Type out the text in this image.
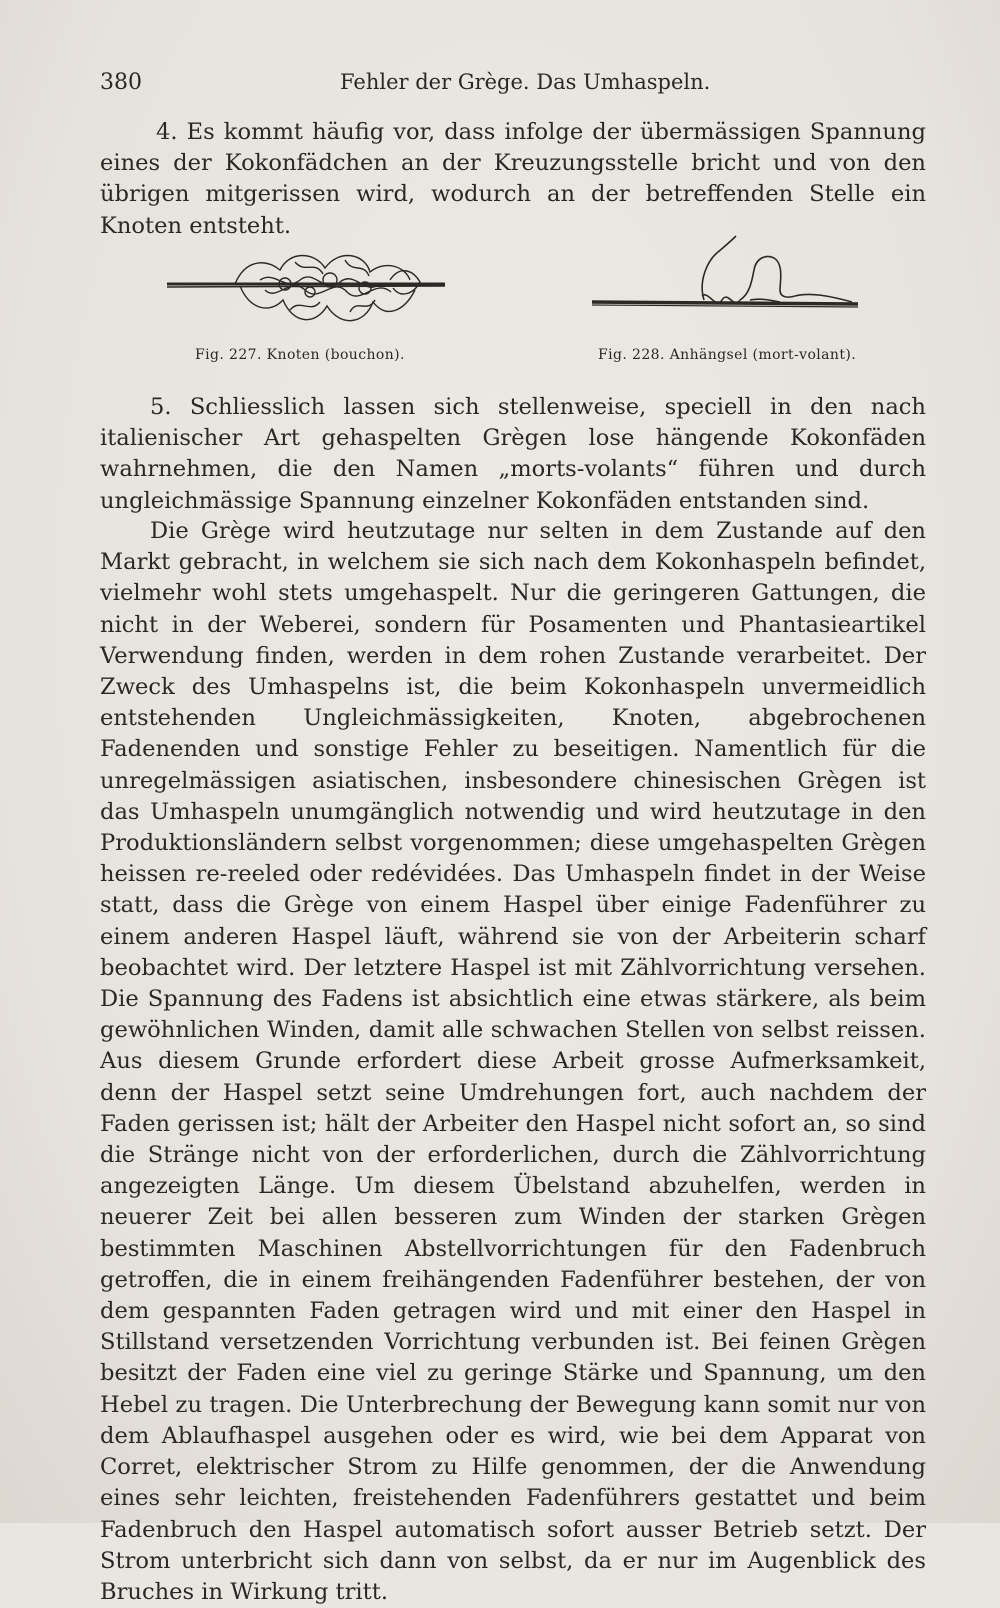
380	Fehler der Grège. Das Umhaspeln.

4. Es kommt häufig vor, dass infolge der übermässigen Spannung eines der Kokonfädchen an der Kreuzungsstelle bricht und von den übrigen mitgerissen wird, wodurch an der betreffenden Stelle ein Knoten entsteht.

Fig. 227. Knoten (bouchon).	Fig. 228. Anhängsel (mort-volant).

5. Schliesslich lassen sich stellenweise, speciell in den nach italienischer Art gehaspelten Grègen lose hängende Kokonfäden wahrnehmen, die den Namen „morts-volants“ führen und durch ungleichmässige Spannung einzelner Kokonfäden entstanden sind.

Die Grège wird heutzutage nur selten in dem Zustande auf den Markt gebracht, in welchem sie sich nach dem Kokonhaspeln befindet, vielmehr wohl stets umgehaspelt. Nur die geringeren Gattungen, die nicht in der Weberei, sondern für Posamenten und Phantasieartikel Verwendung finden, werden in dem rohen Zustande verarbeitet. Der Zweck des Umhaspelns ist, die beim Kokonhaspeln unvermeidlich entstehenden Ungleichmässigkeiten, Knoten, abgebrochenen Fadenenden und sonstige Fehler zu beseitigen. Namentlich für die unregelmässigen asiatischen, insbesondere chinesischen Grègen ist das Umhaspeln unumgänglich notwendig und wird heutzutage in den Produktionsländern selbst vorgenommen; diese umgehaspelten Grègen heissen re-reeled oder redévidées. Das Umhaspeln findet in der Weise statt, dass die Grège von einem Haspel über einige Fadenführer zu einem anderen Haspel läuft, während sie von der Arbeiterin scharf beobachtet wird. Der letztere Haspel ist mit Zählvorrichtung versehen. Die Spannung des Fadens ist absichtlich eine etwas stärkere, als beim gewöhnlichen Winden, damit alle schwachen Stellen von selbst reissen. Aus diesem Grunde erfordert diese Arbeit grosse Aufmerksamkeit, denn der Haspel setzt seine Umdrehungen fort, auch nachdem der Faden gerissen ist; hält der Arbeiter den Haspel nicht sofort an, so sind die Stränge nicht von der erforderlichen, durch die Zählvorrichtung angezeigten Länge. Um diesem Übelstand abzuhelfen, werden in neuerer Zeit bei allen besseren zum Winden der starken Grègen bestimmten Maschinen Abstellvorrichtungen für den Fadenbruch getroffen, die in einem freihängenden Fadenführer bestehen, der von dem gespannten Faden getragen wird und mit einer den Haspel in Stillstand versetzenden Vorrichtung verbunden ist. Bei feinen Grègen besitzt der Faden eine viel zu geringe Stärke und Spannung, um den Hebel zu tragen. Die Unterbrechung der Bewegung kann somit nur von dem Ablaufhaspel ausgehen oder es wird, wie bei dem Apparat von Corret, elektrischer Strom zu Hilfe genommen, der die Anwendung eines sehr leichten, freistehenden Fadenführers gestattet und beim Fadenbruch den Haspel automatisch sofort ausser Betrieb setzt. Der Strom unterbricht sich dann von selbst, da er nur im Augenblick des Bruches in Wirkung tritt.
